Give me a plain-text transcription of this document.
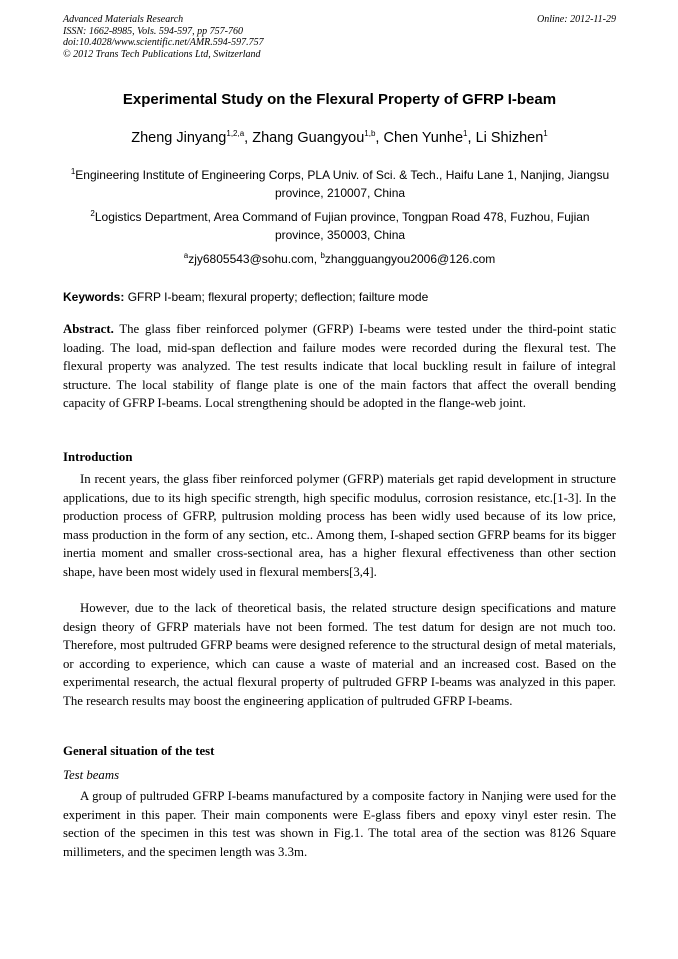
Advanced Materials Research
ISSN: 1662-8985, Vols. 594-597, pp 757-760
doi:10.4028/www.scientific.net/AMR.594-597.757
© 2012 Trans Tech Publications Ltd, Switzerland
Online: 2012-11-29
Experimental Study on the Flexural Property of GFRP I-beam
Zheng Jinyang$^{1,2,a}$, Zhang Guangyou$^{1,b}$, Chen Yunhe$^1$, Li Shizhen$^1$
$^1$Engineering Institute of Engineering Corps, PLA Univ. of Sci. & Tech., Haifu Lane 1, Nanjing, Jiangsu province, 210007, China
$^2$Logistics Department, Area Command of Fujian province, Tongpan Road 478, Fuzhou, Fujian province, 350003, China
$^a$zjy6805543@sohu.com, $^b$zhangguangyou2006@126.com
Keywords: GFRP I-beam; flexural property; deflection; failture mode
Abstract. The glass fiber reinforced polymer (GFRP) I-beams were tested under the third-point static loading. The load, mid-span deflection and failure modes were recorded during the flexural test. The flexural property was analyzed. The test results indicate that local buckling result in failure of integral structure. The local stability of flange plate is one of the main factors that affect the overall bending capacity of GFRP I-beams. Local strengthening should be adopted in the flange-web joint.
Introduction
In recent years, the glass fiber reinforced polymer (GFRP) materials get rapid development in structure applications, due to its high specific strength, high specific modulus, corrosion resistance, etc.[1-3]. In the production process of GFRP, pultrusion molding process has been widly used because of its low price, mass production in the form of any section, etc.. Among them, I-shaped section GFRP beams for its bigger inertia moment and smaller cross-sectional area, has a higher flexural effectiveness than other section shape, have been most widely used in flexural members[3,4].
However, due to the lack of theoretical basis, the related structure design specifications and mature design theory of GFRP materials have not been formed. The test datum for design are not much too. Therefore, most pultruded GFRP beams were designed reference to the structural design of metal materials, or according to experience, which can cause a waste of material and an increased cost. Based on the experimental research, the actual flexural property of pultruded GFRP I-beams was analyzed in this paper. The research results may boost the engineering application of pultruded GFRP I-beams.
General situation of the test
Test beams
A group of pultruded GFRP I-beams manufactured by a composite factory in Nanjing were used for the experiment in this paper. Their main components were E-glass fibers and epoxy vinyl ester resin. The section of the specimen in this test was shown in Fig.1. The total area of the section was 8126 Square millimeters, and the specimen length was 3.3m.
